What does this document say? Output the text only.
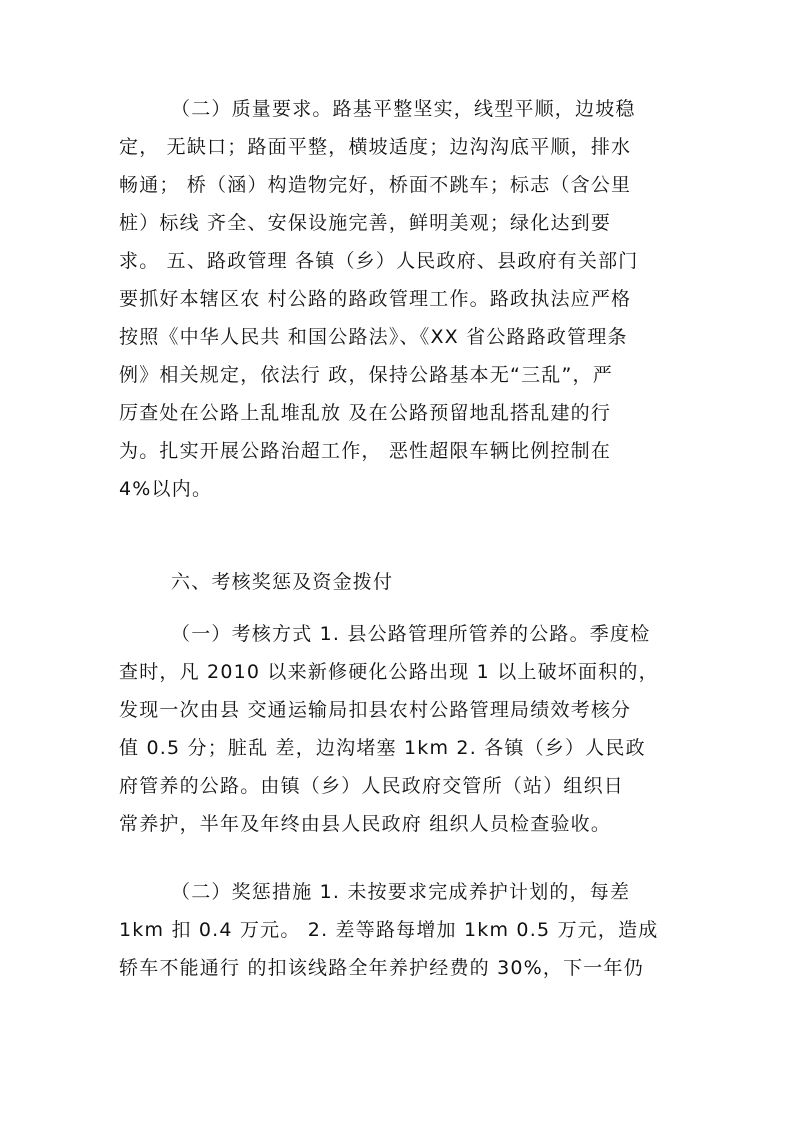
（二）质量要求。路基平整坚实，线型平顺，边坡稳
定， 无缺口；路面平整，横坡适度；边沟沟底平顺，排水
畅通； 桥（涵）构造物完好，桥面不跳车；标志（含公里
桩）标线 齐全、安保设施完善，鲜明美观；绿化达到要
求。 五、路政管理 各镇（乡）人民政府、县政府有关部门
要抓好本辖区农 村公路的路政管理工作。路政执法应严格
按照《中华人民共 和国公路法》、《XX 省公路路政管理条
例》相关规定，依法行 政，保持公路基本无“三乱”，严
厉查处在公路上乱堆乱放 及在公路预留地乱搭乱建的行
为。扎实开展公路治超工作， 恶性超限车辆比例控制在
4%以内。
六、考核奖惩及资金拨付
（一）考核方式 1. 县公路管理所管养的公路。季度检
查时，凡 2010 以来新修硬化公路出现 1 以上破坏面积的，
发现一次由县 交通运输局扣县农村公路管理局绩效考核分
值 0.5 分；脏乱 差，边沟堵塞 1km 2. 各镇（乡）人民政
府管养的公路。由镇（乡）人民政府交管所（站）组织日
常养护，半年及年终由县人民政府 组织人员检查验收。
（二）奖惩措施 1. 未按要求完成养护计划的，每差
1km 扣 0.4 万元。 2. 差等路每增加 1km 0.5 万元，造成
轿车不能通行 的扣该线路全年养护经费的 30%，下一年仍
